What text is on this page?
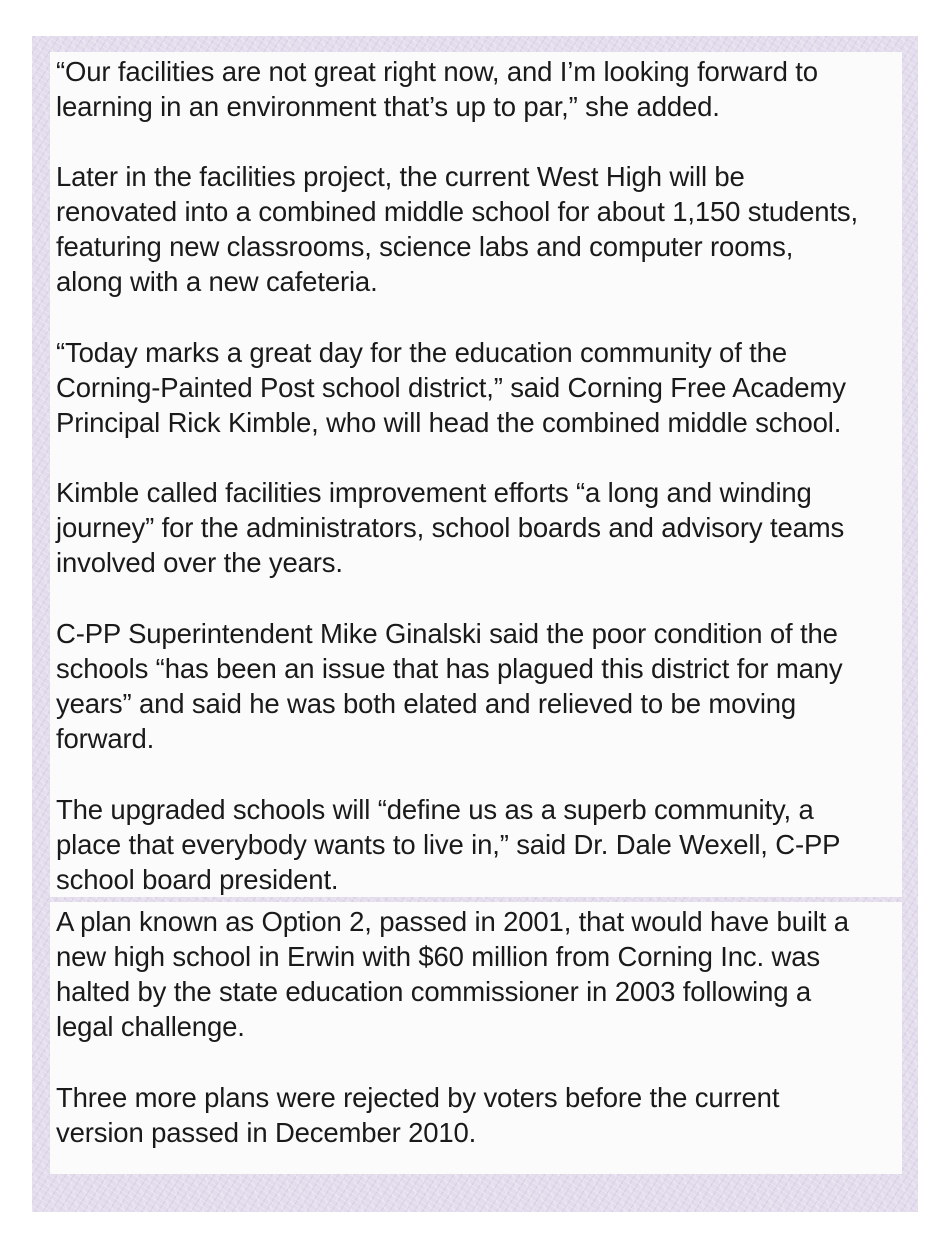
“Our facilities are not great right now, and I’m looking forward to
learning in an environment that’s up to par,” she added.

Later in the facilities project, the current West High will be
renovated into a combined middle school for about 1,150 students,
featuring new classrooms, science labs and computer rooms,
along with a new cafeteria.

“Today marks a great day for the education community of the
Corning-Painted Post school district,” said Corning Free Academy
Principal Rick Kimble, who will head the combined middle school.

Kimble called facilities improvement efforts “a long and winding
journey” for the administrators, school boards and advisory teams
involved over the years.

C-PP Superintendent Mike Ginalski said the poor condition of the
schools “has been an issue that has plagued this district for many
years” and said he was both elated and relieved to be moving
forward.

The upgraded schools will “define us as a superb community, a
place that everybody wants to live in,” said Dr. Dale Wexell, C-PP
school board president.

A plan known as Option 2, passed in 2001, that would have built a
new high school in Erwin with $60 million from Corning Inc. was
halted by the state education commissioner in 2003 following a
legal challenge.

Three more plans were rejected by voters before the current
version passed in December 2010.
